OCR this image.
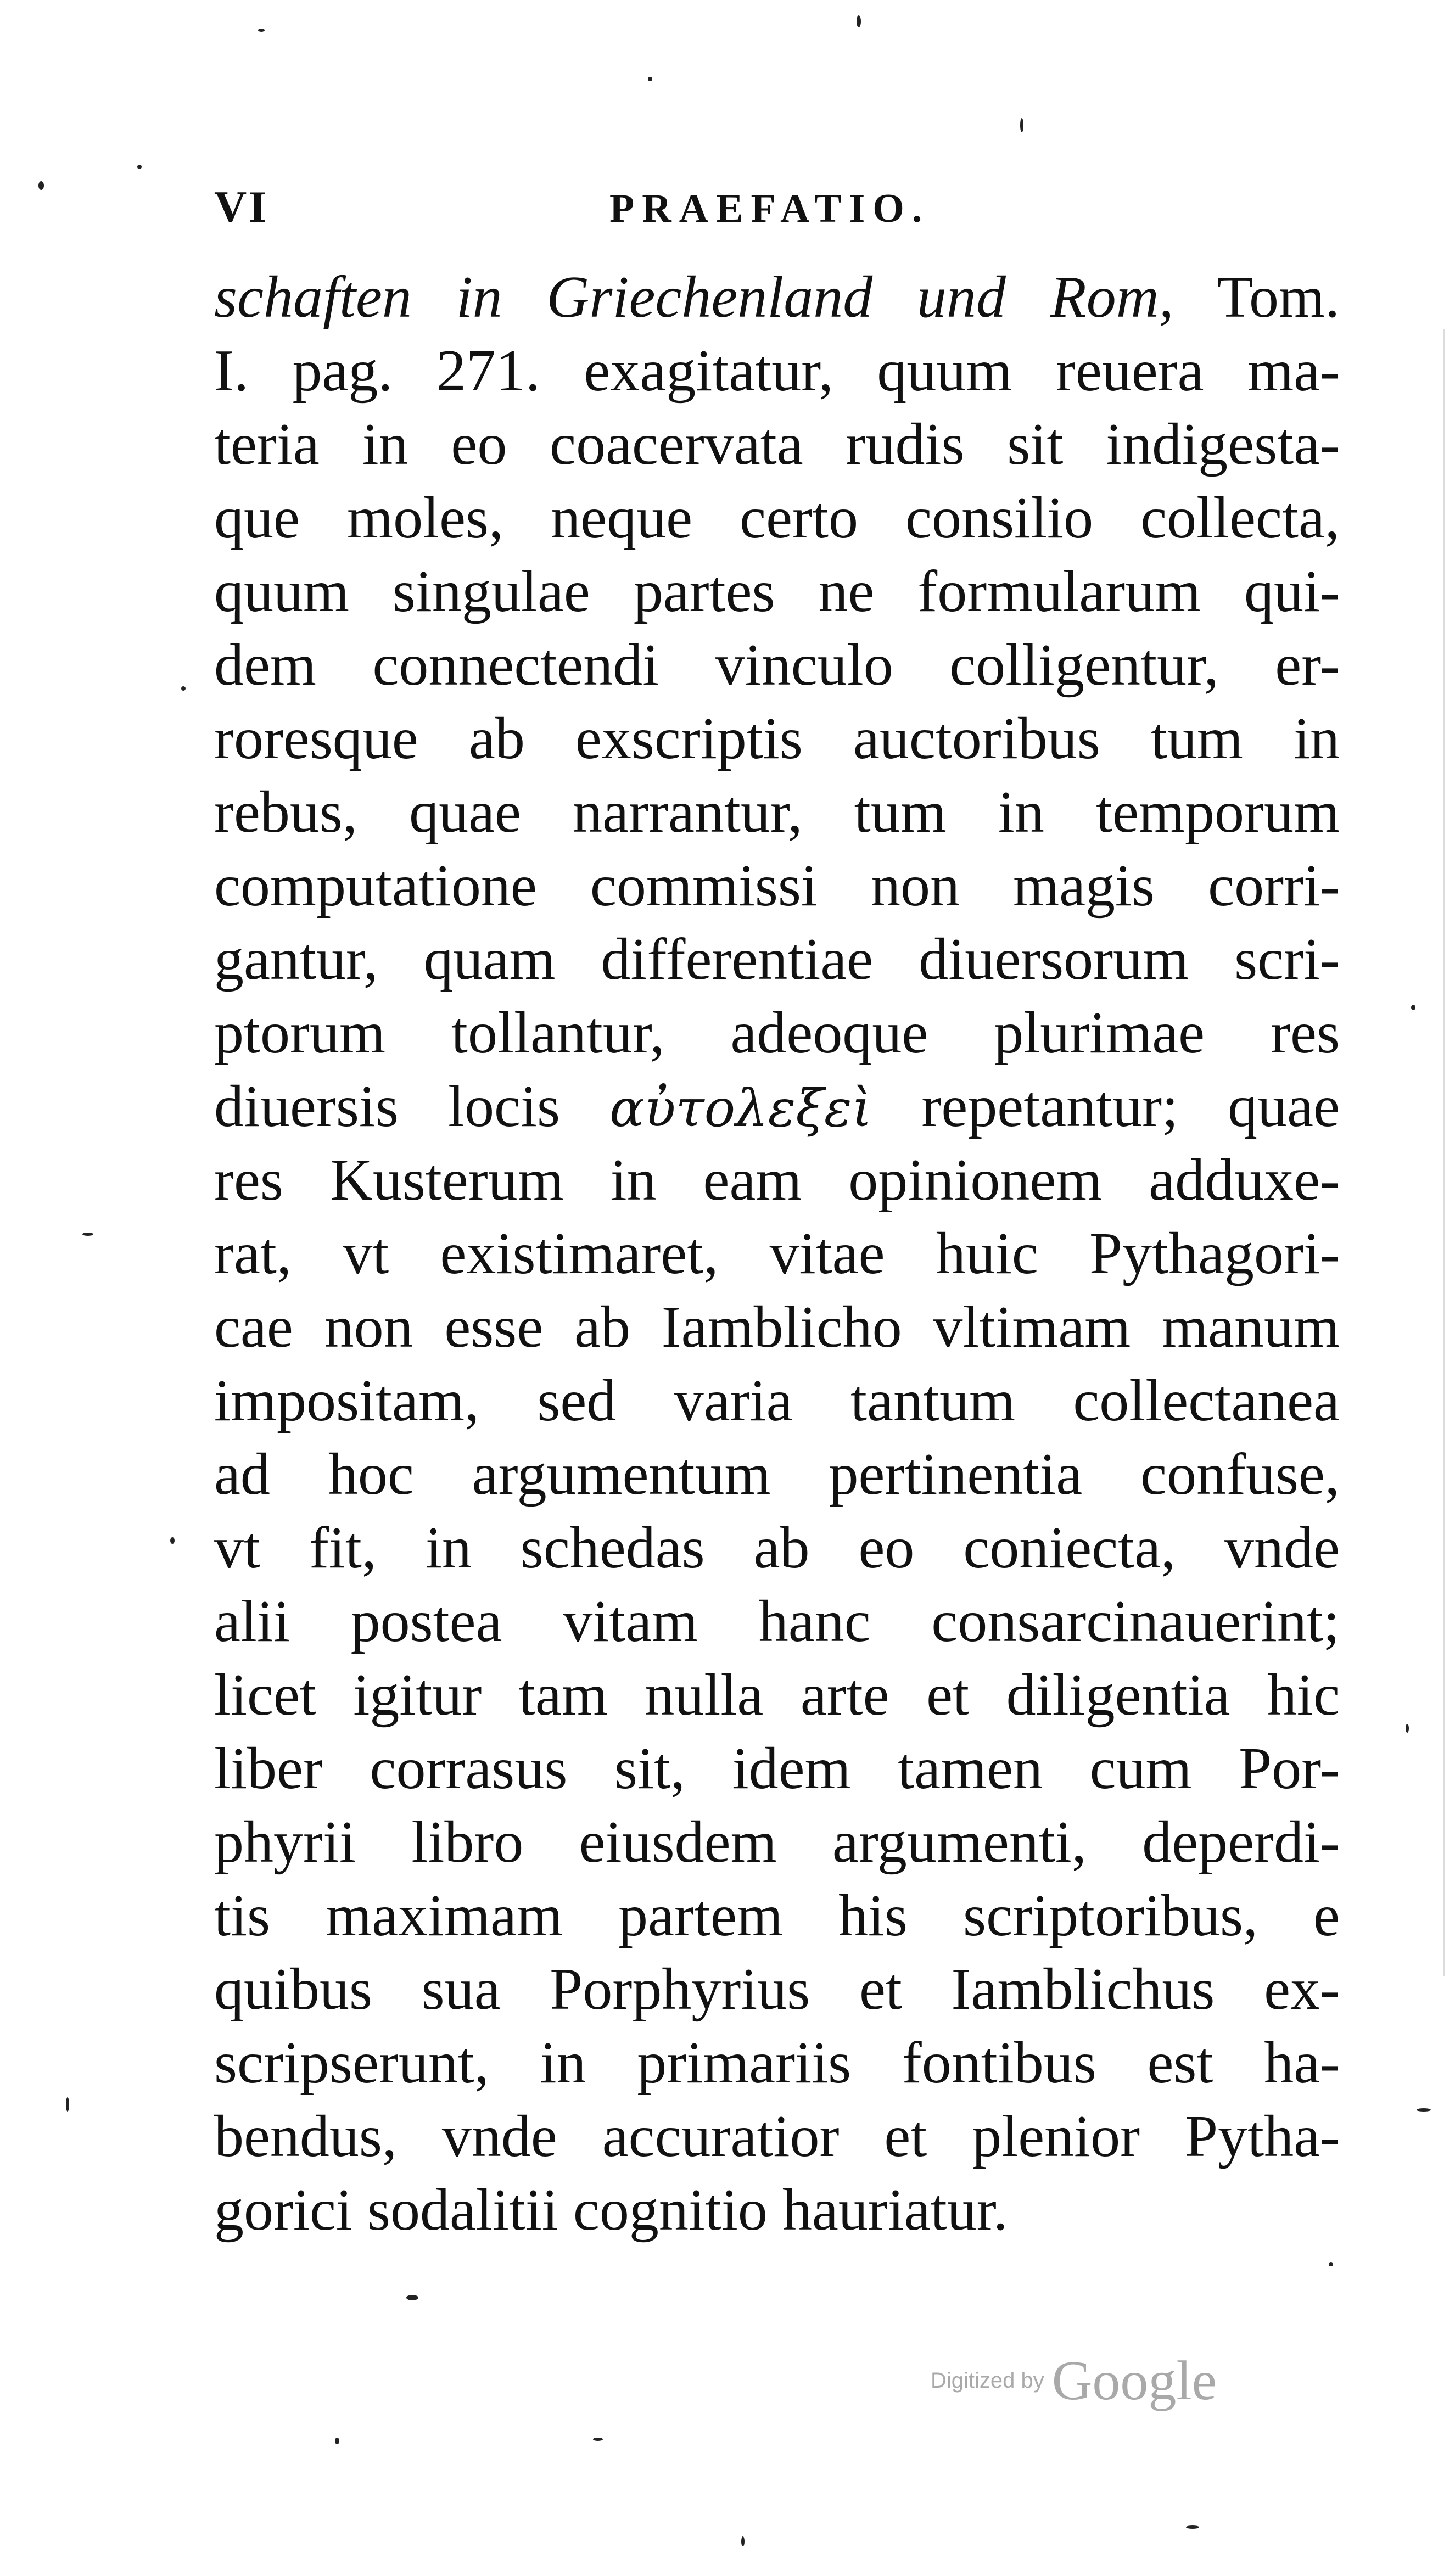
VI	PRAEFATIO.
schaften in Griechenland und Rom, Tom.
I. pag. 271. exagitatur, quum reuera ma-
teria in eo coacervata rudis sit indigesta-
que moles, neque certo consilio collecta,
quum singulae partes ne formularum qui-
dem connectendi vinculo colligentur, er-
roresque ab exscriptis auctoribus tum in
rebus, quae narrantur, tum in temporum
computatione commissi non magis corri-
gantur, quam differentiae diuersorum scri-
ptorum tollantur, adeoque plurimae res
diuersis locis αὐτολεξεὶ repetantur; quae
res Kusterum in eam opinionem adduxe-
rat, vt existimaret, vitae huic Pythagori-
cae non esse ab Iamblicho vltimam manum
impositam, sed varia tantum collectanea
ad hoc argumentum pertinentia confuse,
vt fit, in schedas ab eo coniecta, vnde
alii postea vitam hanc consarcinauerint;
licet igitur tam nulla arte et diligentia hic
liber corrasus sit, idem tamen cum Por-
phyrii libro eiusdem argumenti, deperdi-
tis maximam partem his scriptoribus, e
quibus sua Porphyrius et Iamblichus ex-
scripserunt, in primariis fontibus est ha-
bendus, vnde accuratior et plenior Pytha-
gorici sodalitii cognitio hauriatur.
Digitized by Google
